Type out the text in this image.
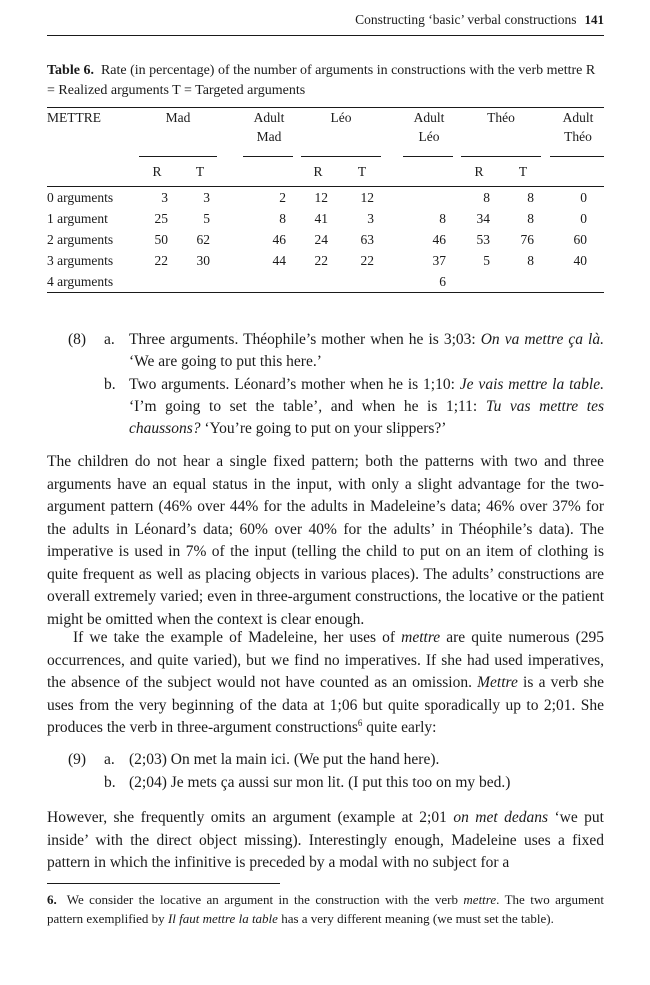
Constructing ‘basic’ verbal constructions 141
Table 6. Rate (in percentage) of the number of arguments in constructions with the verb mettre R = Realized arguments T = Targeted arguments
METTRE	Mad		Adult Mad	Léo		Adult Léo	Théo		Adult Théo

	R	T		R	T		R	T	
0 arguments	3	3	2	12	12		8	8	0
1 argument	25	5	8	41	3	8	34	8	0
2 arguments	50	62	46	24	63	46	53	76	60
3 arguments	22	30	44	22	22	37	5	8	40
4 arguments						6			
(8) a. Three arguments. Théophile’s mother when he is 3;03: On va mettre ça là. ‘We are going to put this here.’
b. Two arguments. Léonard’s mother when he is 1;10: Je vais mettre la table. ‘I’m going to set the table’, and when he is 1;11: Tu vas mettre tes chaussons? ‘You’re going to put on your slippers?’

The children do not hear a single fixed pattern; both the patterns with two and three arguments have an equal status in the input, with only a slight advantage for the two-argument pattern (46% over 44% for the adults in Madeleine’s data; 46% over 37% for the adults in Léonard’s data; 60% over 40% for the adults’ in Théophile’s data). The imperative is used in 7% of the input (telling the child to put on an item of clothing is quite frequent as well as placing objects in various places). The adults’ constructions are overall extremely varied; even in three-argument constructions, the locative or the patient might be omitted when the context is clear enough.

If we take the example of Madeleine, her uses of mettre are quite numerous (295 occurrences, and quite varied), but we find no imperatives. If she had used imperatives, the absence of the subject would not have counted as an omission. Mettre is a verb she uses from the very beginning of the data at 1;06 but quite sporadically up to 2;01. She produces the verb in three-argument constructions$^6$ quite early:

(9) a. (2;03) On met la main ici. (We put the hand here).
b. (2;04) Je mets ça aussi sur mon lit. (I put this too on my bed.)

However, she frequently omits an argument (example at 2;01 on met dedans ‘we put inside’ with the direct object missing). Interestingly enough, Madeleine uses a fixed pattern in which the infinitive is preceded by a modal with no subject for a

6. We consider the locative an argument in the construction with the verb mettre. The two argument pattern exemplified by Il faut mettre la table has a very different meaning (we must set the table).
